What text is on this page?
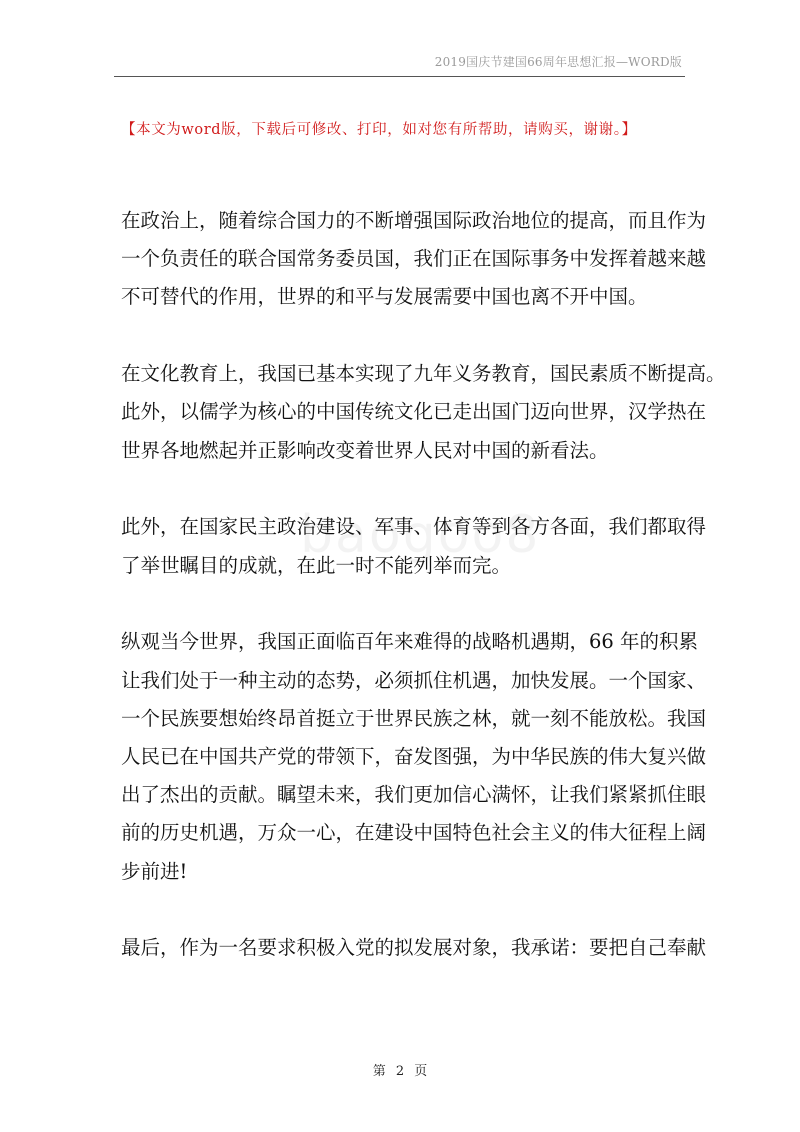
2019国庆节建国66周年思想汇报—WORD版
【本文为word版，下载后可修改、打印，如对您有所帮助，请购买，谢谢。】

在政治上，随着综合国力的不断增强国际政治地位的提高，而且作为
一个负责任的联合国常务委员国，我们正在国际事务中发挥着越来越
不可替代的作用，世界的和平与发展需要中国也离不开中国。

在文化教育上，我国已基本实现了九年义务教育，国民素质不断提高。
此外，以儒学为核心的中国传统文化已走出国门迈向世界，汉学热在
世界各地燃起并正影响改变着世界人民对中国的新看法。

此外，在国家民主政治建设、军事、体育等到各方各面，我们都取得
了举世瞩目的成就，在此一时不能列举而完。

纵观当今世界，我国正面临百年来难得的战略机遇期，66 年的积累
让我们处于一种主动的态势，必须抓住机遇，加快发展。一个国家、
一个民族要想始终昂首挺立于世界民族之林，就一刻不能放松。我国
人民已在中国共产党的带领下，奋发图强，为中华民族的伟大复兴做
出了杰出的贡献。瞩望未来，我们更加信心满怀，让我们紧紧抓住眼
前的历史机遇，万众一心，在建设中国特色社会主义的伟大征程上阔
步前进!

最后，作为一名要求积极入党的拟发展对象，我承诺：要把自己奉献

第 2 页
